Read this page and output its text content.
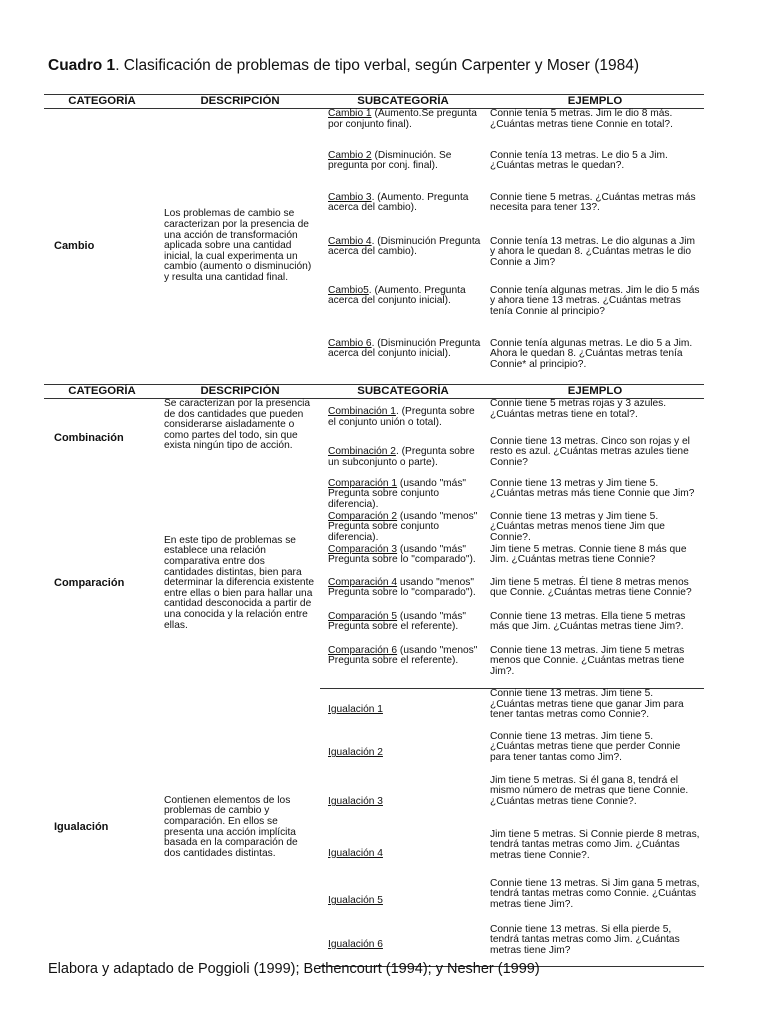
Cuadro 1. Clasificación de problemas de tipo verbal, según Carpenter y Moser (1984)
CATEGORÍA	DESCRIPCIÓN	SUBCATEGORÍA	EJEMPLO
Cambio	Los problemas de cambio se caracterizan por la presencia de una acción de transformación aplicada sobre una cantidad inicial, la cual experimenta un cambio (aumento o disminución) y resulta una cantidad final.	Cambio 1 (Aumento.Se pregunta por conjunto final).	Connie tenía 5 metras. Jim le dio 8 más. ¿Cuántas metras tiene Connie en total?.
		Cambio 2 (Disminución. Se pregunta por conj. final).	Connie tenía 13 metras. Le dio 5 a Jim. ¿Cuántas metras le quedan?.
		Cambio 3. (Aumento. Pregunta acerca del cambio).	Connie tiene 5 metras. ¿Cuántas metras más necesita para tener 13?.
		Cambio 4. (Disminución Pregunta acerca del cambio).	Connie tenía 13 metras. Le dio algunas a Jim y ahora le quedan 8. ¿Cuántas metras le dio Connie a Jim?
		Cambio5. (Aumento. Pregunta acerca del conjunto inicial).	Connie tenía algunas metras. Jim le dio 5 más y ahora tiene 13 metras. ¿Cuántas metras tenía Connie al principio?
		Cambio 6. (Disminución Pregunta acerca del conjunto inicial).	Connie tenía algunas metras. Le dio 5 a Jim. Ahora le quedan 8. ¿Cuántas metras tenía Connie* al principio?.
CATEGORÍA	DESCRIPCIÓN	SUBCATEGORÍA	EJEMPLO
Combinación	Se caracterizan por la presencia de dos cantidades que pueden considerarse aisladamente o como partes del todo, sin que exista ningún tipo de acción.	Combinación 1. (Pregunta sobre el conjunto unión o total).	Connie tiene 5 metras rojas y 3 azules. ¿Cuántas metras tiene en total?.
		Combinación 2. (Pregunta sobre un subconjunto o parte).	Connie tiene 13 metras. Cinco son rojas y el resto es azul. ¿Cuántas metras azules tiene Connie?
Comparación	En este tipo de problemas se establece una relación comparativa entre dos cantidades distintas, bien para determinar la diferencia existente entre ellas o bien para hallar una cantidad desconocida a partir de una conocida y la relación entre ellas.	Comparación 1 (usando "más" Pregunta sobre conjunto diferencia).	Connie tiene 13 metras y Jim tiene 5. ¿Cuántas metras más tiene Connie que Jim?
		Comparación 2 (usando "menos" Pregunta sobre conjunto diferencia).	Connie tiene 13 metras y Jim tiene 5. ¿Cuántas metras menos tiene Jim que Connie?.
		Comparación 3 (usando "más" Pregunta sobre lo "comparado").	Jim tiene 5 metras. Connie tiene 8 más que Jim. ¿Cuántas metras tiene Connie?
		Comparación 4 usando "menos" Pregunta sobre lo "comparado").	Jim tiene 5 metras. Él tiene 8 metras menos que Connie. ¿Cuántas metras tiene Connie?
		Comparación 5 (usando "más" Pregunta sobre el referente).	Connie tiene 13 metras. Ella tiene 5 metras más que Jim. ¿Cuántas metras tiene Jim?.
		Comparación 6 (usando "menos" Pregunta sobre el referente).	Connie tiene 13 metras. Jim tiene 5 metras menos que Connie. ¿Cuántas metras tiene Jim?.
Igualación	Contienen elementos de los problemas de cambio y comparación. En ellos se presenta una acción implícita basada en la comparación de dos cantidades distintas.	Igualación 1	Connie tiene 13 metras. Jim tiene 5. ¿Cuántas metras tiene que ganar Jim para tener tantas metras como Connie?.
		Igualación 2	Connie tiene 13 metras. Jim tiene 5. ¿Cuántas metras tiene que perder Connie para tener tantas como Jim?.
		Igualación 3	Jim tiene 5 metras. Si él gana 8, tendrá el mismo número de metras que tiene Connie. ¿Cuántas metras tiene Connie?.
		Igualación 4	Jim tiene 5 metras. Si Connie pierde 8 metras, tendrá tantas metras como Jim. ¿Cuántas metras tiene Connie?.
		Igualación 5	Connie tiene 13 metras. Si Jim gana 5 metras, tendrá tantas metras como Connie. ¿Cuántas metras tiene Jim?.
		Igualación 6	Connie tiene 13 metras. Si ella pierde 5, tendrá tantas metras como Jim. ¿Cuántas metras tiene Jim?
Elabora y adaptado de Poggioli (1999); Bethencourt (1994); y Nesher (1999)
